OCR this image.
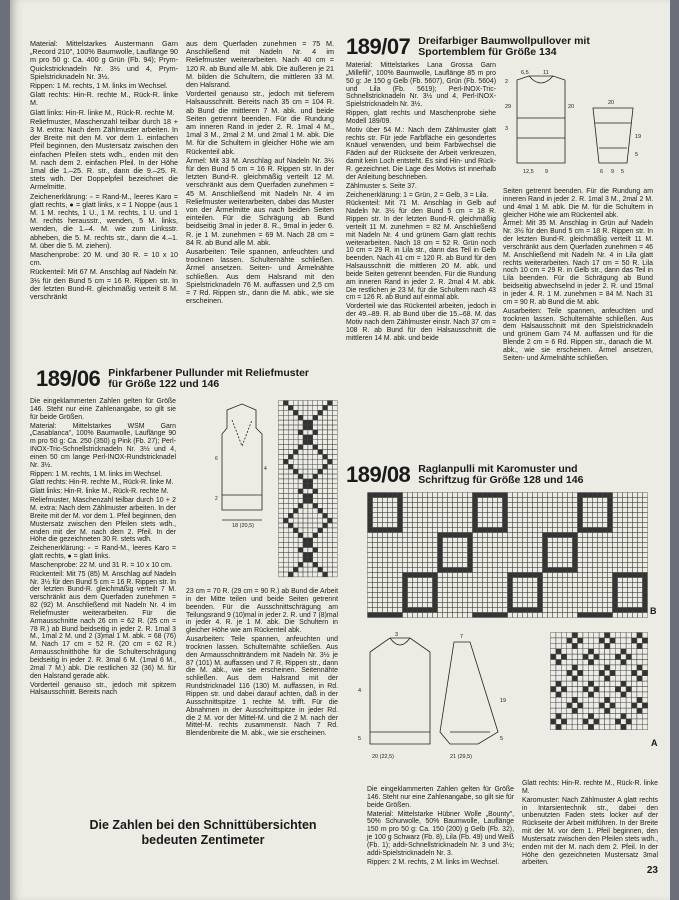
Material: Mittelstarkes Austermann Garn „Record 210", 100% Baumwolle, Lauflänge 90 m pro 50 g: Ca. 400 g Grün (Fb. 94); Prym-Quickstricknadeln Nr. 3½ und 4, Prym-Spielstricknadeln Nr. 3½.

Rippen: 1 M. rechts, 1 M. links im Wechsel.

Glatt rechts: Hin-R. rechte M., Rück-R. linke M.

Glatt links: Hin-R. linke M., Rück-R. rechte M.

Reliefmuster, Maschenzahl teilbar durch 18 + 3 M. extra: Nach dem Zählmuster arbeiten. In der Breite mit den M. vor dem 1. einfachen Pfeil beginnen, den Mustersatz zwischen den einfachen Pfeilen stets wdh., enden mit den M. nach dem 2. einfachen Pfeil. In der Höhe 1mal die 1.–25. R. str., dann die 9.–25. R. stets wdh. Der Doppelpfeil bezeichnet die Armelmitte.

Zeichenerklärung: ▫ = Rand-M., leeres Karo = glatt rechts, ● = glatt links, x = 1 Noppe (aus 1 M. 1 M. rechts, 1 U., 1 M. rechts, 1 U. und 1 M. rechts herausstr., wenden, 5 M. links, wenden, die 1.–4. M. wie zum Linksstr. abheben, die 5. M. rechts str., dann die 4.–1. M. über die 5. M. ziehen).

Maschenprobe: 20 M. und 30 R. = 10 x 10 cm.

Rückenteil: Mit 67 M. Anschlag auf Nadeln Nr. 3½ für den Bund 5 cm = 16 R. Rippen str. In der letzten Bund-R. gleichmäßig verteilt 8 M. verschränkt

aus dem Querfaden zunehmen = 75 M. Anschließend mit Nadeln Nr. 4 im Reliefmuster weiterarbeiten. Nach 40 cm = 120 R. ab Bund alle M. abk. Die äußeren je 21 M. bilden die Schultern, die mittleren 33 M. den Halsrand.

Vorderteil genauso str., jedoch mit tieferem Halsausschnitt. Bereits nach 35 cm = 104 R. ab Bund die mittleren 7 M. abk. und beide Seiten getrennt beenden. Für die Rundung am inneren Rand in jeder 2. R. 1mal 4 M., 1mal 3 M., 2mal 2 M. und 2mal 1 M. abk. Die M. für die Schultern in gleicher Höhe wie am Rückenteil abk.

Ärmel: Mit 33 M. Anschlag auf Nadeln Nr. 3½ für den Bund 5 cm = 16 R. Rippen str. In der letzten Bund-R. gleichmäßig verteilt 12 M. verschränkt aus dem Querfaden zunehmen = 45 M. Anschließend mit Nadeln Nr. 4 im Reliefmuster weiterarbeiten, dabei das Muster von der Ärmelmitte aus nach beiden Seiten einteilen. Für die Schrägung ab Bund beidseitig 3mal in jeder 8. R., 9mal in jeder 6. R. je 1 M. zunehmen = 69 M. Nach 28 cm = 84 R. ab Bund alle M. abk.

Ausarbeiten: Teile spannen, anfeuchten und trocknen lassen. Schulternähte schließen. Ärmel ansetzen. Seiten- und Ärmelnähte schließen. Aus dem Halsrand mit den Spielstricknadeln 76 M. auffassen und 2,5 cm = 7 Rd. Rippen str., dann die M. abk., wie sie erscheinen.

189/06 Pinkfarbener Pullunder mit Reliefmuster für Größe 122 und 146

Die eingeklammerten Zahlen gelten für Größe 146. Steht nur eine Zahlenangabe, so gilt sie für beide Größen.

Material: Mittelstarkes WSM Garn „Casablanca", 100% Baumwolle, Lauflänge 90 m pro 50 g: Ca. 250 (350) g Pink (Fb. 27); Perl-INOX-Tric-Schnellstricknadeln Nr. 3½ und 4, einen 50 cm lange Perl-INOX-Rundstricknadel Nr. 3½.

Rippen: 1 M. rechts, 1 M. links im Wechsel.

Glatt rechts: Hin-R. rechte M., Rück-R. linke M.

Glatt links: Hin-R. linke M., Rück-R. rechte M.

Reliefmuster, Maschenzahl teilbar durch 10 + 2 M. extra: Nach dem Zählmuster arbeiten. In der Breite mit der M. vor dem 1. Pfeil beginnen, den Mustersatz zwischen den Pfeilen stets wdh., enden mit der M. nach dem 2. Pfeil. In der Höhe die gezeichneten 30 R. stets wdh.

Zeichenerklärung: ▫ = Rand-M., leeres Karo = glatt rechts, ● = glatt links.

Maschenprobe: 22 M. und 31 R. = 10 x 10 cm.

Rückenteil: Mit 75 (85) M. Anschlag auf Nadeln Nr. 3½ für den Bund 5 cm = 16 R. Rippen str. In der letzten Bund-R. gleichmäßig verteilt 7 M. verschränkt aus dem Querfaden zunehmen = 82 (92) M. Anschließend mit Nadeln Nr. 4 im Reliefmuster weiterarbeiten. Für die Armausschnitte nach 26 cm = 62 R. (25 cm = 78 R.) ab Bund beidseitig in jeder 2. R. 1mal 3 M., 1mal 2 M. und 2 (3)mal 1 M. abk. = 68 (76) M. Nach 17 cm = 52 R. (20 cm = 62 R.) Armausschnitthöhe für die Schulterschrägung beidseitig in jeder 2. R. 3mal 6 M. (1mal 6 M., 2mal 7 M.) abk. Die restlichen 32 (36) M. für den Halsrand gerade abk.

Vorderteil genauso str., jedoch mit spitzem Halsausschnitt. Bereits nach

18 (20,5)
6
2
4

23 cm = 70 R. (29 cm = 90 R.) ab Bund die Arbeit in der Mitte teilen und beide Seiten getrennt beenden. Für die Ausschnittschrägung am Teilungsrand 9 (10)mal in jeder 2. R. und 7 (8)mal in jeder 4. R. je 1 M. abk. Die Schultern in gleicher Höhe wie am Rückenteil abk.

Ausarbeiten: Teile spannen, anfeuchten und trocknen lassen. Schulternähte schließen. Aus den Armausschnitträndern mit Nadeln Nr. 3½ je 87 (101) M. auffassen und 7 R. Rippen str., dann die M. abk., wie sie erscheinen. Seitennähte schließen. Aus dem Halsrand mit der Rundstricknadel 116 (130) M. auffassen, in Rd. Rippen str. und dabei darauf achten, daß in der Ausschnittspitze 1 rechte M. trifft. Für die Abnahmen in der Ausschnittspitze in jeder Rd. die 2 M. vor der Mittel-M. und die 2 M. nach der Mittel-M. rechts zusammenstr. Nach 7 Rd. Blendenbreite die M. abk., wie sie erscheinen.

189/07 Dreifarbiger Baumwollpullover mit Sportemblem für Größe 134

Material: Mittelstarkes Lana Grossa Garn „Millefili", 100% Baumwolle, Lauflänge 85 m pro 50 g: Je 150 g Gelb (Fb. 5607), Grün (Fb. 5604) und Lila (Fb. 5619); Perl-INOX-Tric-Schnellstricknadeln Nr. 3½ und 4, Perl-INOX-Spielstricknadeln Nr. 3½.

Rippen, glatt rechts und Maschenprobe siehe Modell 189/09.

Motiv über 54 M.: Nach dem Zählmuster glatt rechts str. Für jede Farbfläche ein gesondertes Knäuel verwenden, und beim Farbwechsel die Fäden auf der Rückseite der Arbeit verkreuzen, damit kein Loch entsteht. Es sind Hin- und Rück-R. gezeichnet. Die Lage des Motivs ist innerhalb der Anleitung beschrieben.

Zählmuster s. Seite 37.

Zeichenerklärung: 1 = Grün, 2 = Gelb, 3 = Lila.

Rückenteil: Mit 71 M. Anschlag in Gelb auf Nadeln Nr. 3½ für den Bund 5 cm = 18 R. Rippen str. In der letzten Bund-R. gleichmäßig verteilt 11 M. zunehmen = 82 M. Anschließend mit Nadeln Nr. 4 und grünem Garn glatt rechts weiterarbeiten. Nach 18 cm = 52 R. Grün noch 10 cm = 29 R. in Lila str., dann das Teil in Gelb beenden. Nach 41 cm = 120 R. ab Bund für den Halsausschnitt die mittleren 20 M. abk. und beide Seiten getrennt beenden. Für die Rundung am inneren Rand in jeder 2. R. 2mal 4 M. abk. Die restlichen je 23 M. für die Schultern nach 43 cm = 126 R. ab Bund auf einmal abk.

Vorderteil wie das Rückenteil arbeiten, jedoch in der 49.–89. R. ab Bund über die 15.–68. M. das Motiv nach dem Zählmuster einstr. Nach 37 cm = 108 R. ab Bund für den Halsausschnitt die mittleren 14 M. abk. und beide

6,5	11
20
29
2
3
12,5 9	6 9 5
19
20
5

Seiten getrennt beenden. Für die Rundung am inneren Rand in jeder 2. R. 1mal 3 M., 2mal 2 M. und 4mal 1 M. abk. Die M. für die Schultern in gleicher Höhe wie am Rückenteil abk.

Ärmel: Mit 35 M. Anschlag in Grün auf Nadeln Nr. 3½ für den Bund 5 cm = 18 R. Rippen str. In der letzten Bund-R. gleichmäßig verteilt 11 M. verschränkt aus dem Querfaden zunehmen = 46 M. Anschließend mit Nadeln Nr. 4 in Lila glatt rechts weiterarbeiten. Nach 17 cm = 50 R. Lila noch 10 cm = 29 R. in Gelb str., dann das Teil in Lila beenden. Für die Schrägung ab Bund beidseitig abwechselnd in jeder 2. R. und 15mal in jeder 4. R. 1 M. zunehmen = 84 M. Nach 31 cm = 90 R. ab Bund die M. abk.

Ausarbeiten: Teile spannen, anfeuchten und trocknen lassen. Schulternähte schließen. Aus dem Halsausschnitt mit den Spielstricknadeln und grünem Garn 74 M. auffassen und für die Blende 2 cm = 6 Rd. Rippen str., danach die M. abk., wie sie erscheinen. Ärmel ansetzen, Seiten- und Ärmelnähte schließen.

189/08 Raglanpulli mit Karomuster und Schriftzug für Größe 128 und 146
B
20 (22,5)
5
3
4
7
19
5
21 (29,5)
A

Die eingeklammerten Zahlen gelten für Größe 146. Steht nur eine Zahlenangabe, so gilt sie für beide Größen.

Material: Mittelstarke Hübner Wolle „Bounty", 50% Schurwolle, 50% Baumwolle, Lauflänge 150 m pro 50 g: Ca. 150 (200) g Gelb (Fb. 32), je 100 g Schwarz (Fb. 8), Lila (Fb. 49) und Weiß (Fb. 1); addi-Schnellstricknadeln Nr. 3 und 3½; addi-Spielstricknadeln Nr. 3.

Rippen: 2 M. rechts, 2 M. links im Wechsel.

Glatt rechts: Hin-R. rechte M., Rück-R. linke M.

Karomuster: Nach Zählmuster A glatt rechts in Intarsientechnik str., dabei den unbenutzten Faden stets locker auf der Rückseite der Arbeit mitführen. In der Breite mit der M. vor dem 1. Pfeil beginnen, den Mustersatz zwischen den Pfeilen stets wdh., enden mit der M. nach dem 2. Pfeil. In der Höhe den gezeichneten Mustersatz 3mal arbeiten.

Die Zahlen bei den Schnittübersichten
bedeuten Zentimeter
23
